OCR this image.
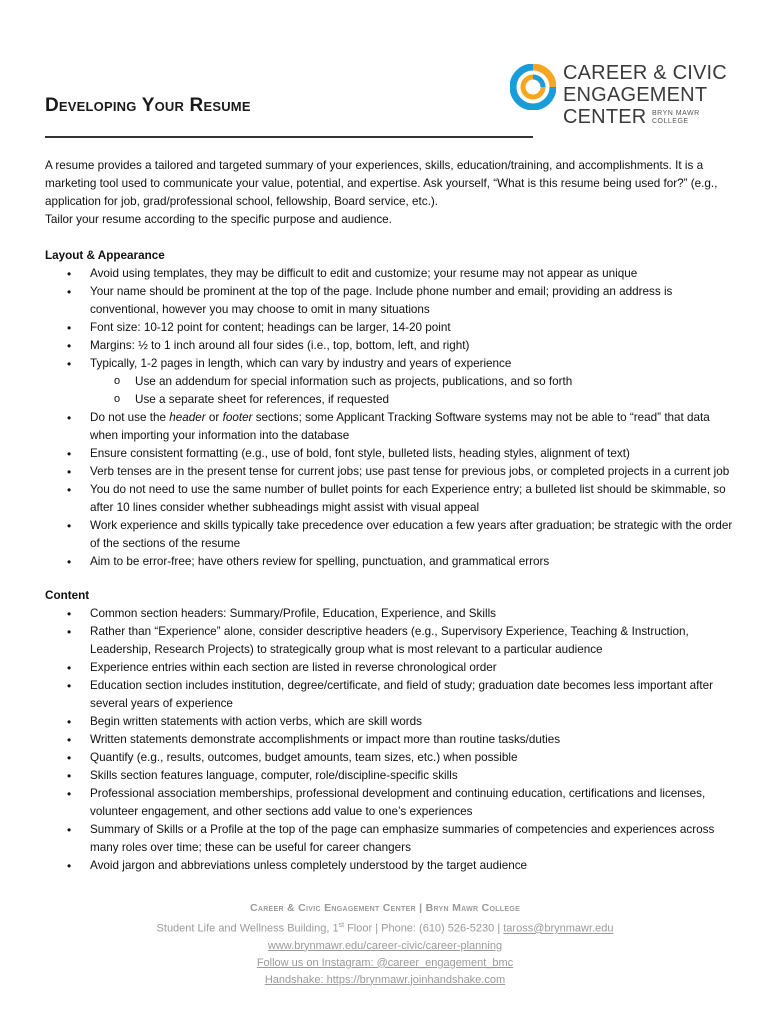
CAREER & CIVIC
ENGAGEMENT
CENTER BRYN MAWR
COLLEGE
Developing Your Resume

A resume provides a tailored and targeted summary of your experiences, skills, education/training, and accomplishments. It is a marketing tool used to communicate your value, potential, and expertise. Ask yourself, “What is this resume being used for?” (e.g., application for job, grad/professional school, fellowship, Board service, etc.).

Tailor your resume according to the specific purpose and audience.

Layout & Appearance
• Avoid using templates, they may be difficult to edit and customize; your resume may not appear as unique
• Your name should be prominent at the top of the page. Include phone number and email; providing an address is conventional, however you may choose to omit in many situations
• Font size: 10-12 point for content; headings can be larger, 14-20 point
• Margins: ½ to 1 inch around all four sides (i.e., top, bottom, left, and right)
• Typically, 1-2 pages in length, which can vary by industry and years of experience
o Use an addendum for special information such as projects, publications, and so forth
o Use a separate sheet for references, if requested
• Do not use the header or footer sections; some Applicant Tracking Software systems may not be able to “read” that data when importing your information into the database
• Ensure consistent formatting (e.g., use of bold, font style, bulleted lists, heading styles, alignment of text)
• Verb tenses are in the present tense for current jobs; use past tense for previous jobs, or completed projects in a current job
• You do not need to use the same number of bullet points for each Experience entry; a bulleted list should be skimmable, so after 10 lines consider whether subheadings might assist with visual appeal
• Work experience and skills typically take precedence over education a few years after graduation; be strategic with the order of the sections of the resume
• Aim to be error-free; have others review for spelling, punctuation, and grammatical errors
Content
• Common section headers: Summary/Profile, Education, Experience, and Skills
• Rather than “Experience” alone, consider descriptive headers (e.g., Supervisory Experience, Teaching & Instruction, Leadership, Research Projects) to strategically group what is most relevant to a particular audience
• Experience entries within each section are listed in reverse chronological order
• Education section includes institution, degree/certificate, and field of study; graduation date becomes less important after several years of experience
• Begin written statements with action verbs, which are skill words
• Written statements demonstrate accomplishments or impact more than routine tasks/duties
• Quantify (e.g., results, outcomes, budget amounts, team sizes, etc.) when possible
• Skills section features language, computer, role/discipline-specific skills
• Professional association memberships, professional development and continuing education, certifications and licenses, volunteer engagement, and other sections add value to one’s experiences
• Summary of Skills or a Profile at the top of the page can emphasize summaries of competencies and experiences across many roles over time; these can be useful for career changers
• Avoid jargon and abbreviations unless completely understood by the target audience
Career & Civic Engagement Center | Bryn Mawr College
Student Life and Wellness Building, 1st Floor | Phone: (610) 526-5230 | taross@brynmawr.edu
www.brynmawr.edu/career-civic/career-planning
Follow us on Instagram: @career_engagement_bmc
Handshake: https://brynmawr.joinhandshake.com
